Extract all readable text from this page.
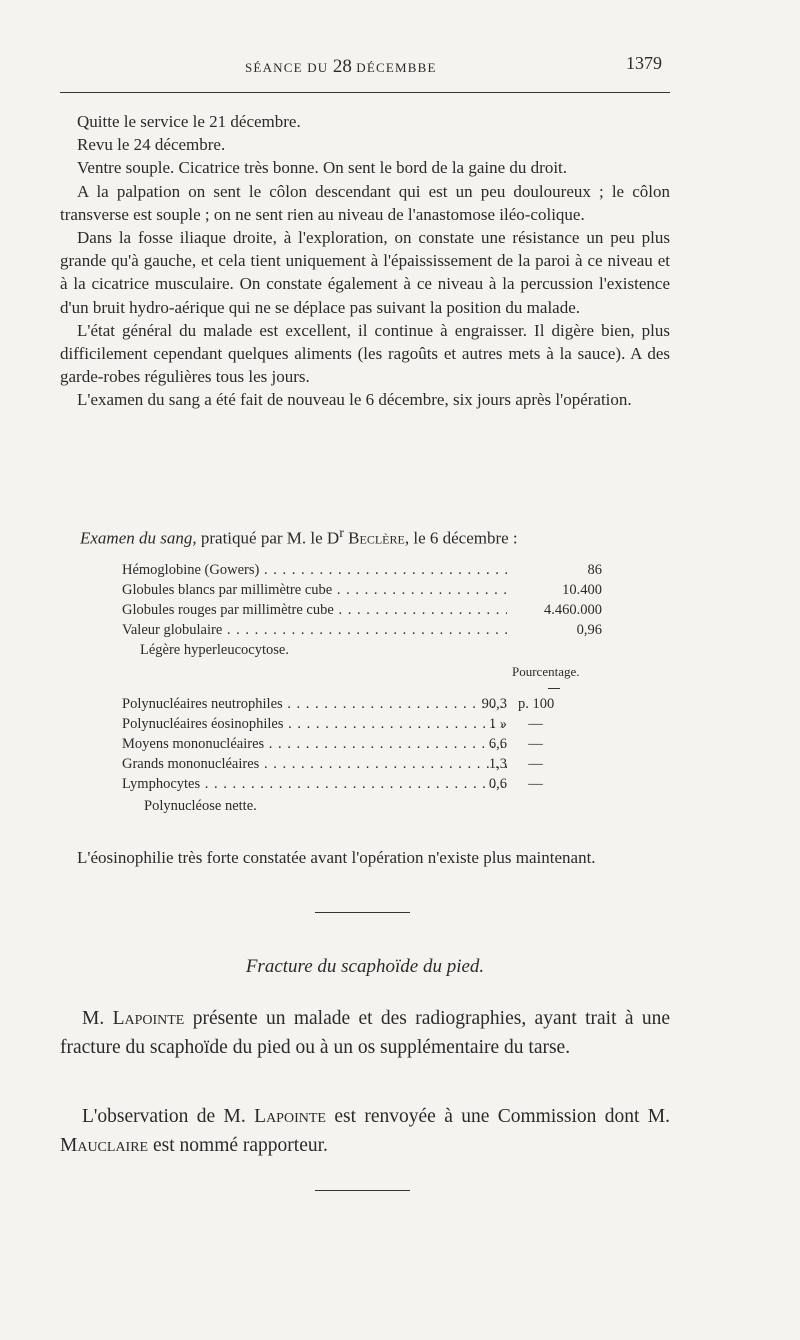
SÉANCE DU 28 DÉCEMBBE	1379

Quitte le service le 21 décembre.

Revu le 24 décembre.

Ventre souple. Cicatrice très bonne. On sent le bord de la gaine du droit.

A la palpation on sent le côlon descendant qui est un peu douloureux ; le côlon transverse est souple ; on ne sent rien au niveau de l'anastomose iléo-colique.

Dans la fosse iliaque droite, à l'exploration, on constate une résistance un peu plus grande qu'à gauche, et cela tient uniquement à l'épaississement de la paroi à ce niveau et à la cicatrice musculaire. On constate également à ce niveau à la percussion l'existence d'un bruit hydro-aérique qui ne se déplace pas suivant la position du malade.

L'état général du malade est excellent, il continue à engraisser. Il digère bien, plus difficilement cependant quelques aliments (les ragoûts et autres mets à la sauce). A des garde-robes régulières tous les jours.

L'examen du sang a été fait de nouveau le 6 décembre, six jours après l'opération.

Examen du sang, pratiqué par M. le $D^r$ Beclère, le 6 décembre :
Hémoglobine (Gowers) . . .	86
Globules blancs par millimètre cube . . .	10.400
Globules rouges par millimètre cube . . .	4.460.000
Valeur globulaire . . .	0,96
Légère hyperleucocytose.
Pourcentage.
Polynucléaires neutrophiles . . .	90,3 p. 100
Polynucléaires éosinophiles . . .	1 »	—
Moyens mononucléaires . . .	6,6	—
Grands mononucléaires . . .	1,3	—
Lymphocytes . . .	0,6	—
Polynucléose nette.
L'éosinophilie très forte constatée avant l'opération n'existe plus maintenant.
Fracture du scaphoïde du pied.
M. Lapointe présente un malade et des radiographies, ayant trait à une fracture du scaphoïde du pied ou à un os supplémentaire du tarse.
L'observation de M. Lapointe est renvoyée à une Commission dont M. Mauclaire est nommé rapporteur.
